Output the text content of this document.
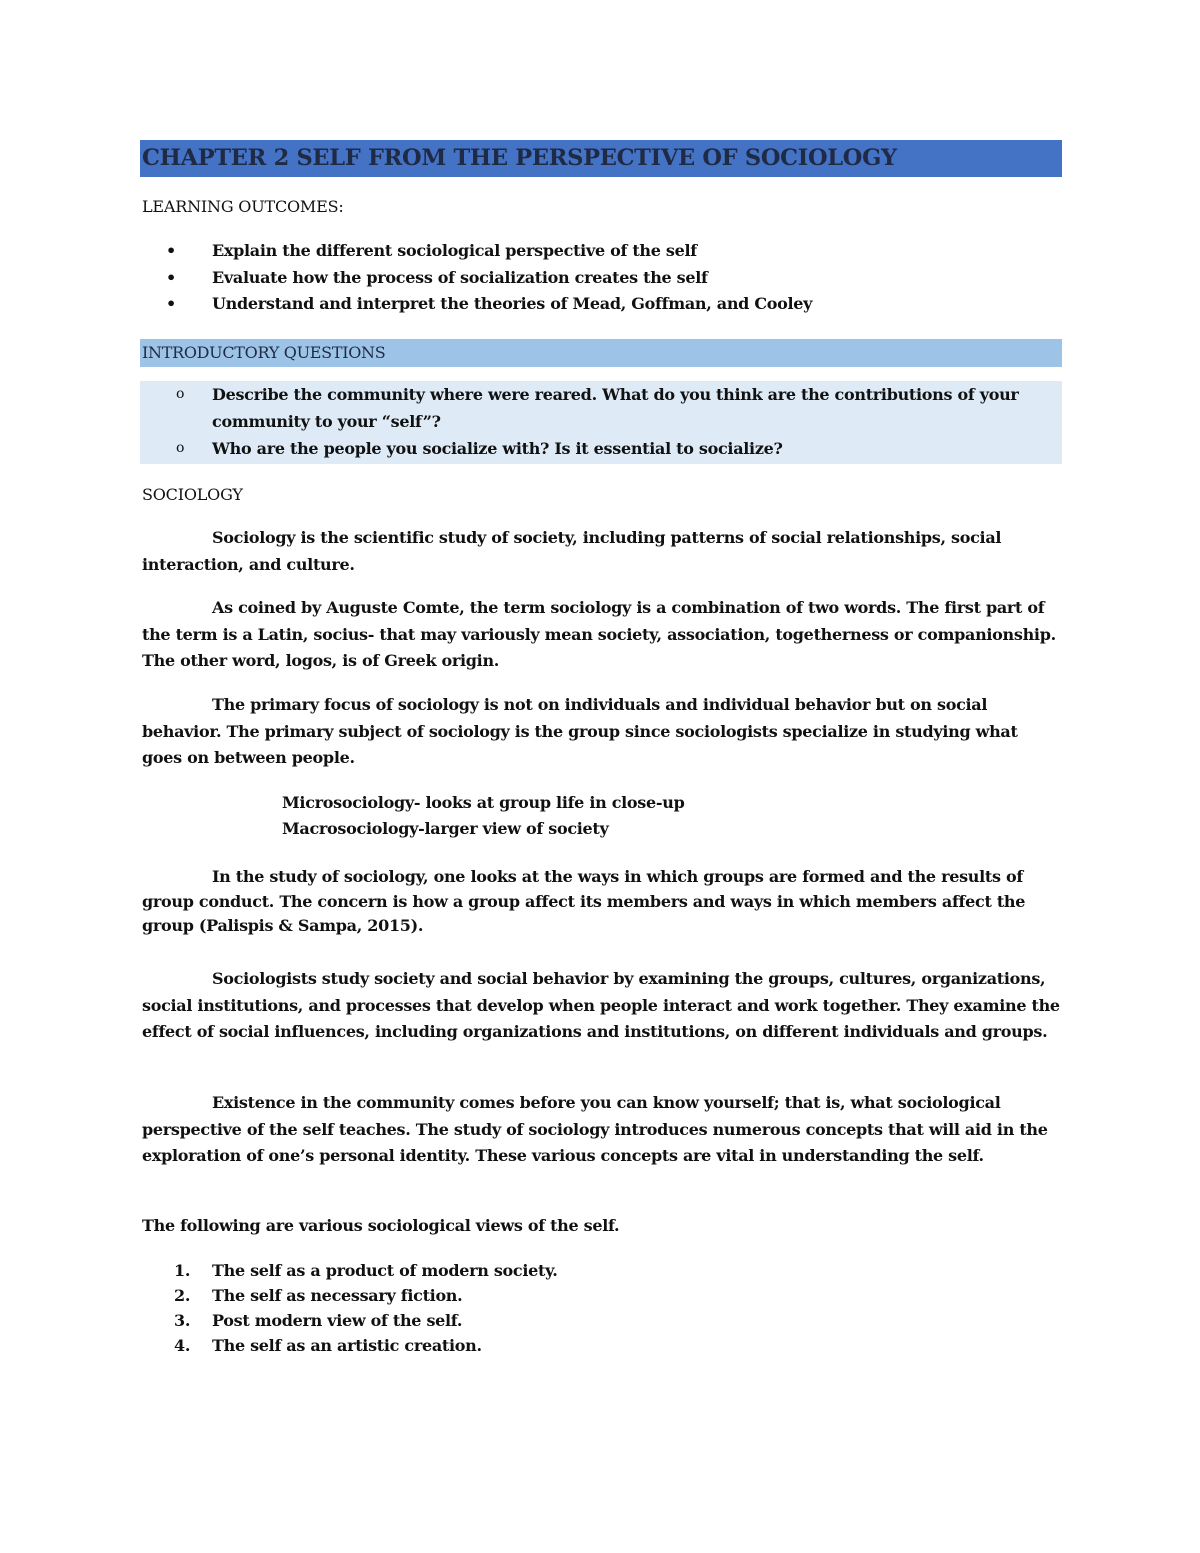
CHAPTER 2 SELF FROM THE PERSPECTIVE OF SOCIOLOGY
LEARNING OUTCOMES:
• Explain the different sociological perspective of the self
• Evaluate how the process of socialization creates the self
• Understand and interpret the theories of Mead, Goffman, and Cooley
INTRODUCTORY QUESTIONS
o Describe the community where were reared. What do you think are the contributions of your community to your “self”?
o Who are the people you socialize with? Is it essential to socialize?
SOCIOLOGY

Sociology is the scientific study of society, including patterns of social relationships, social interaction, and culture.

As coined by Auguste Comte, the term sociology is a combination of two words. The first part of the term is a Latin, socius- that may variously mean society, association, togetherness or companionship. The other word, logos, is of Greek origin.

The primary focus of sociology is not on individuals and individual behavior but on social behavior. The primary subject of sociology is the group since sociologists specialize in studying what goes on between people.

Microsociology- looks at group life in close-up
Macrosociology-larger view of society

In the study of sociology, one looks at the ways in which groups are formed and the results of group conduct. The concern is how a group affect its members and ways in which members affect the group (Palispis & Sampa, 2015).

Sociologists study society and social behavior by examining the groups, cultures, organizations, social institutions, and processes that develop when people interact and work together. They examine the effect of social influences, including organizations and institutions, on different individuals and groups.

Existence in the community comes before you can know yourself; that is, what sociological perspective of the self teaches. The study of sociology introduces numerous concepts that will aid in the exploration of one’s personal identity. These various concepts are vital in understanding the self.

The following are various sociological views of the self.
1. The self as a product of modern society.
2. The self as necessary fiction.
3. Post modern view of the self.
4. The self as an artistic creation.
